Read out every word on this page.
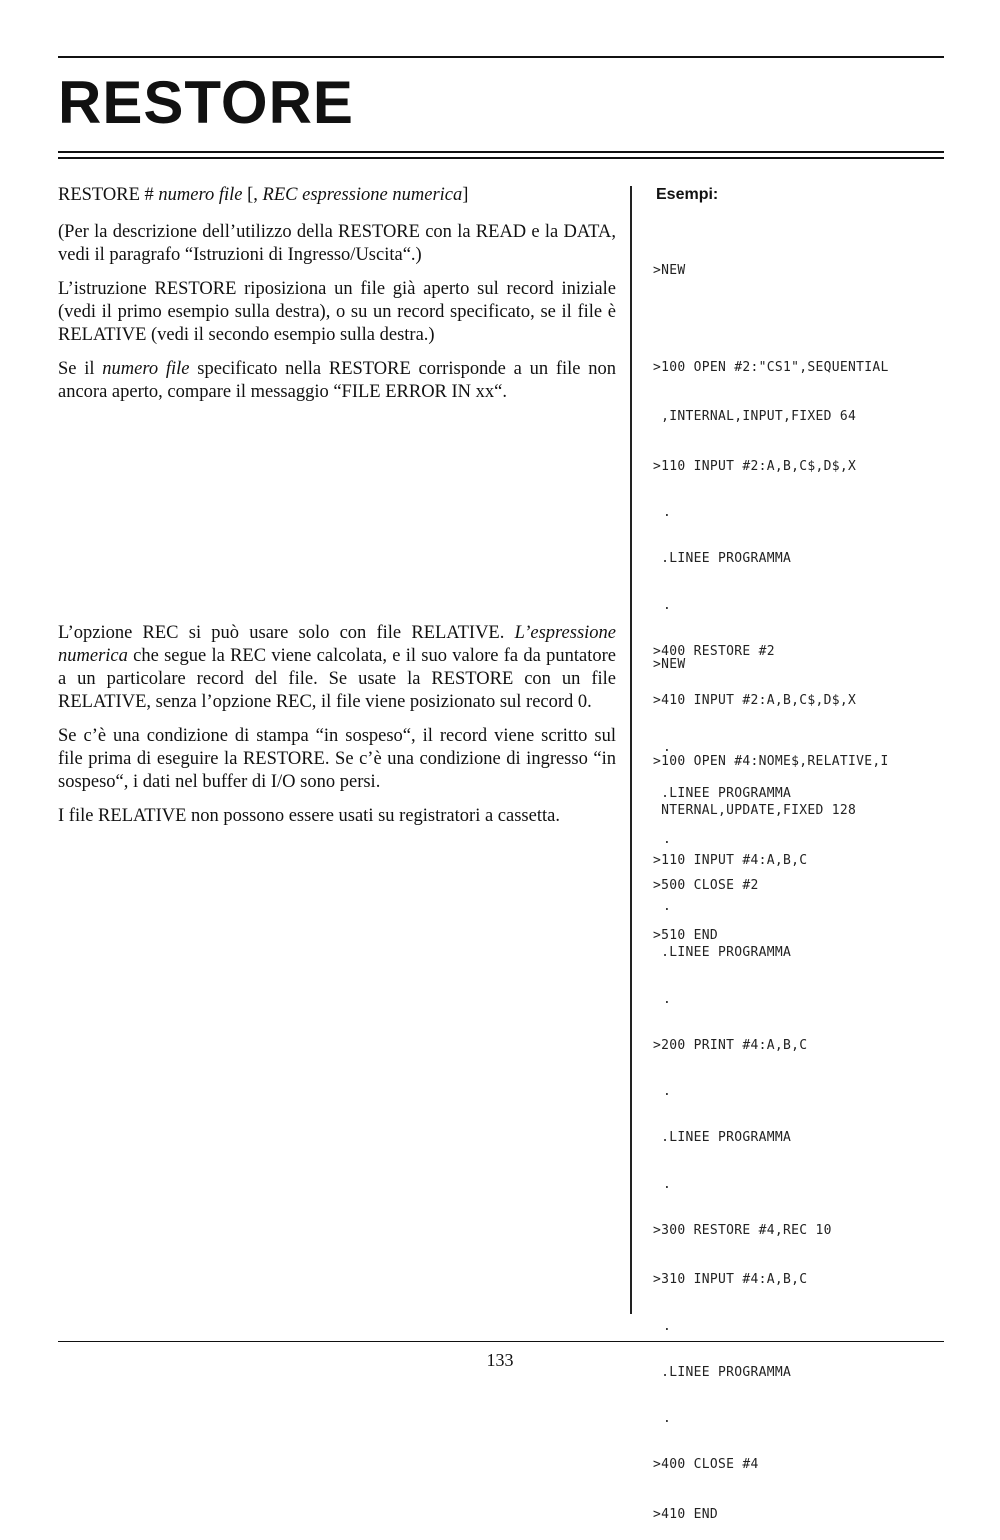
RESTORE

RESTORE # numero file [, REC espressione numerica]

(Per la descrizione dell’utilizzo della RESTORE con la READ e la DATA, vedi il paragrafo “Istruzioni di Ingresso/Uscita“.)

L’istruzione RESTORE riposiziona un file già aperto sul record iniziale (vedi il primo esempio sulla destra), o su un record specificato, se il file è RELATIVE (vedi il secondo esempio sulla destra.)

Se il numero file specificato nella RESTORE corrisponde a un file non ancora aperto, compare il messaggio “FILE ERROR IN xx“.

L’opzione REC si può usare solo con file RELATIVE. L’espressione numerica che segue la REC viene calcolata, e il suo valore fa da puntatore a un particolare record del file. Se usate la RESTORE con un file RELATIVE, senza l’opzione REC, il file viene posizionato sul record 0.

Se c’è una condizione di stampa “in sospeso“, il record viene scritto sul file prima di eseguire la RESTORE. Se c’è una condizione di ingresso “in sospeso“, i dati nel buffer di I/O sono persi.

I file RELATIVE non possono essere usati su registratori a cassetta.

Esempi:

>NEW

>100 OPEN #2:"CS1",SEQUENTIAL

,INTERNAL,INPUT,FIXED 64

>110 INPUT #2:A,B,C$,D$,X

.

.LINEE PROGRAMMA

.

>400 RESTORE #2

>410 INPUT #2:A,B,C$,D$,X

.

.LINEE PROGRAMMA

.

>500 CLOSE #2

>510 END

>NEW

>100 OPEN #4:NOME$,RELATIVE,I

NTERNAL,UPDATE,FIXED 128

>110 INPUT #4:A,B,C

.

.LINEE PROGRAMMA

.

>200 PRINT #4:A,B,C

.

.LINEE PROGRAMMA

.

>300 RESTORE #4,REC 10

>310 INPUT #4:A,B,C

.

.LINEE PROGRAMMA

.

>400 CLOSE #4

>410 END

133
